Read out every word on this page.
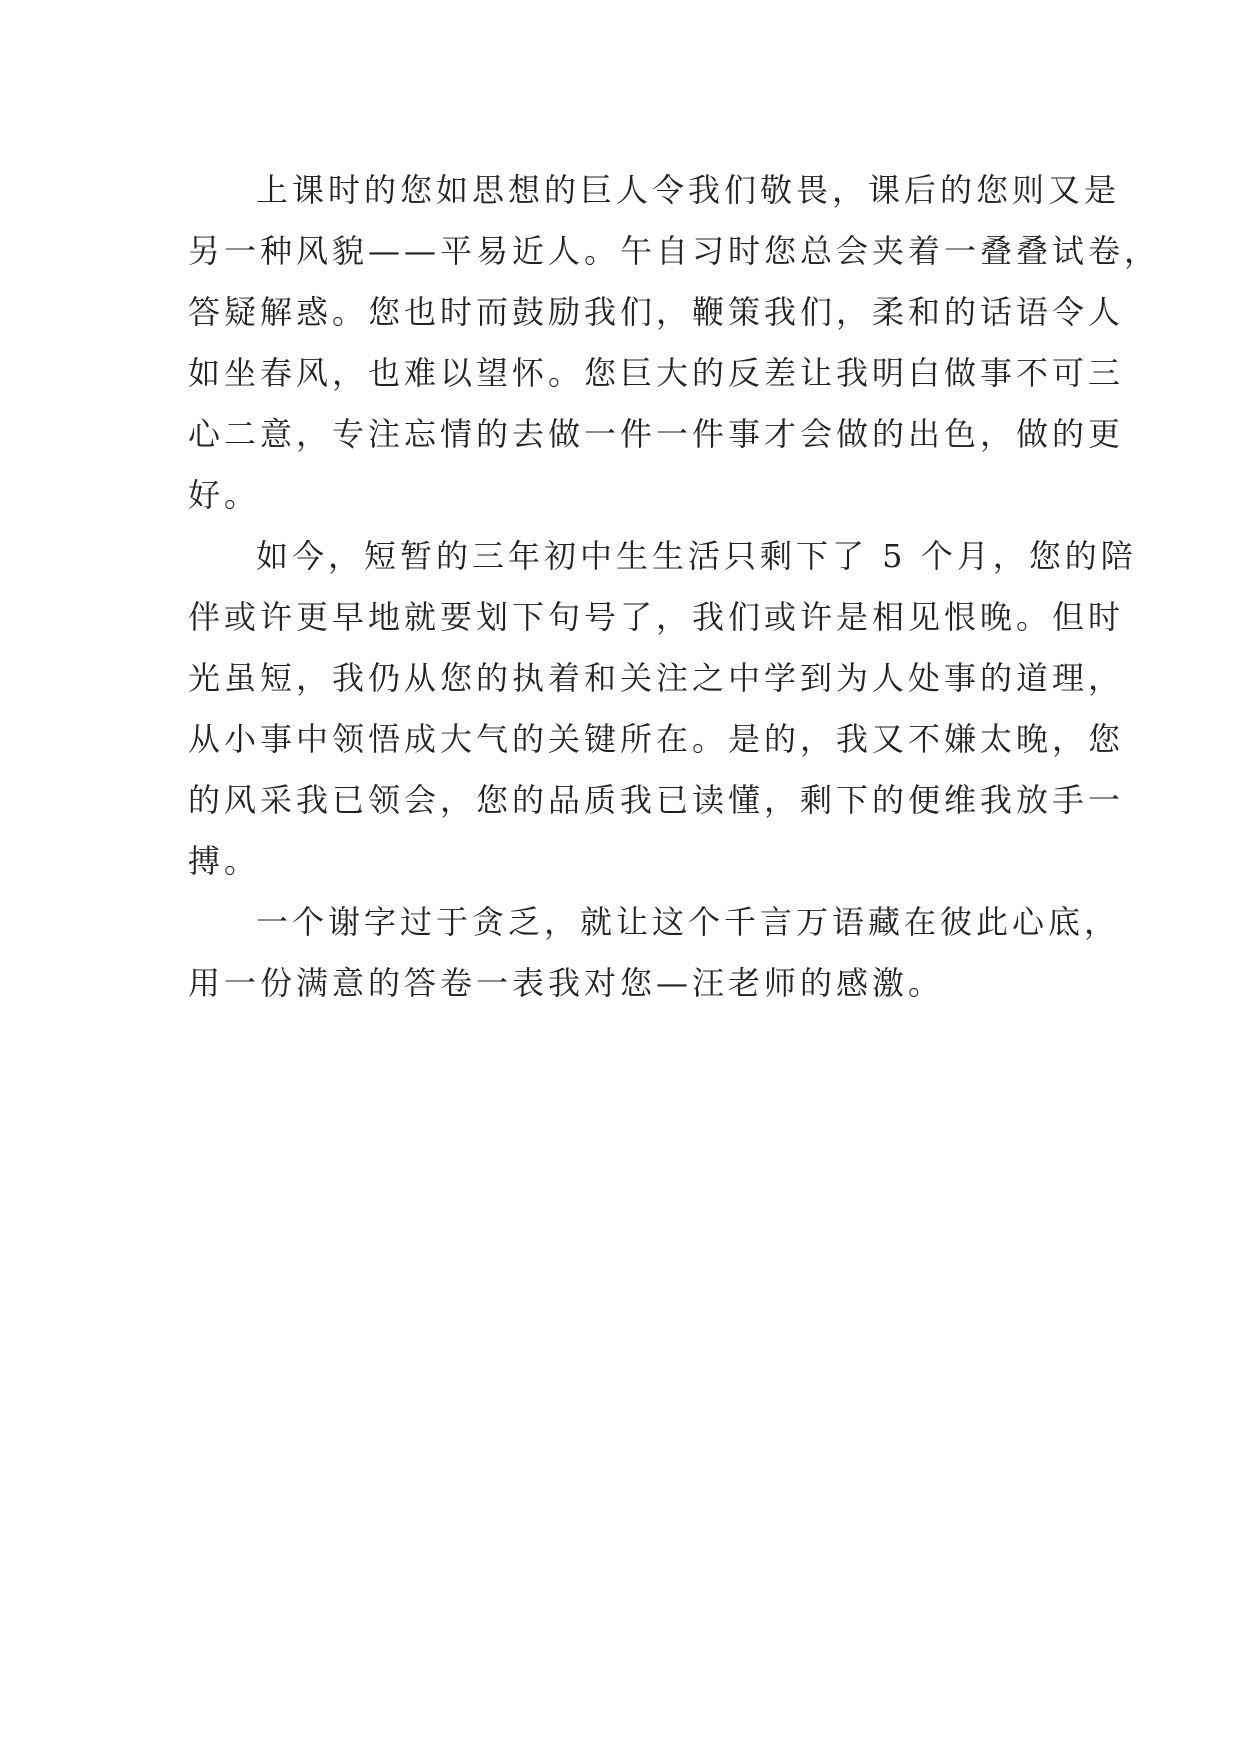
上课时的您如思想的巨人令我们敬畏，课后的您则又是
另一种风貌——平易近人。午自习时您总会夹着一叠叠试卷，
答疑解惑。您也时而鼓励我们，鞭策我们，柔和的话语令人
如坐春风，也难以望怀。您巨大的反差让我明白做事不可三
心二意，专注忘情的去做一件一件事才会做的出色，做的更
好。
如今，短暂的三年初中生生活只剩下了 5 个月，您的陪
伴或许更早地就要划下句号了，我们或许是相见恨晚。但时
光虽短，我仍从您的执着和关注之中学到为人处事的道理，
从小事中领悟成大气的关键所在。是的，我又不嫌太晚，您
的风采我已领会，您的品质我已读懂，剩下的便维我放手一
搏。
一个谢字过于贪乏，就让这个千言万语藏在彼此心底，
用一份满意的答卷一表我对您—汪老师的感激。
